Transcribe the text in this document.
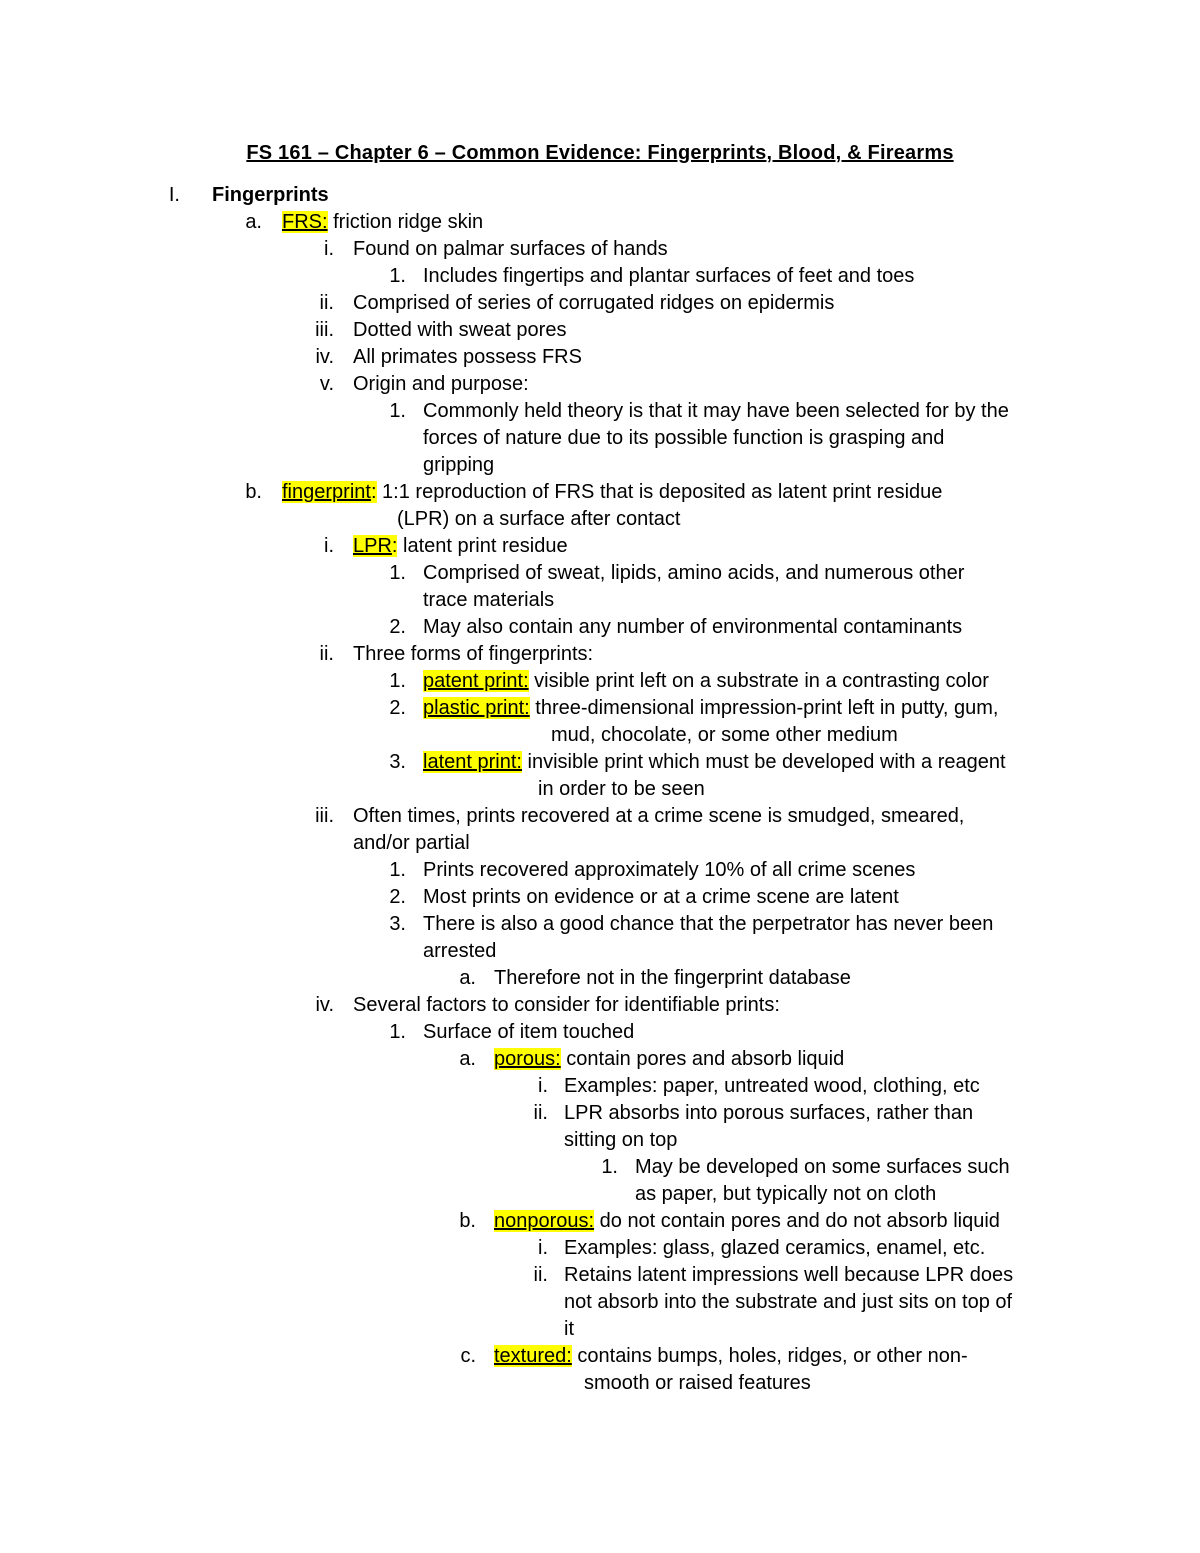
FS 161 – Chapter 6 – Common Evidence: Fingerprints, Blood, & Firearms
I. Fingerprints
a. FRS: friction ridge skin
i. Found on palmar surfaces of hands
1. Includes fingertips and plantar surfaces of feet and toes
ii. Comprised of series of corrugated ridges on epidermis
iii. Dotted with sweat pores
iv. All primates possess FRS
v. Origin and purpose:
1. Commonly held theory is that it may have been selected for by the
forces of nature due to its possible function is grasping and
gripping
b. fingerprint: 1:1 reproduction of FRS that is deposited as latent print residue
(LPR) on a surface after contact
i. LPR: latent print residue
1. Comprised of sweat, lipids, amino acids, and numerous other
trace materials
2. May also contain any number of environmental contaminants
ii. Three forms of fingerprints:
1. patent print: visible print left on a substrate in a contrasting color
2. plastic print: three-dimensional impression-print left in putty, gum,
mud, chocolate, or some other medium
3. latent print: invisible print which must be developed with a reagent
in order to be seen
iii. Often times, prints recovered at a crime scene is smudged, smeared,
and/or partial
1. Prints recovered approximately 10% of all crime scenes
2. Most prints on evidence or at a crime scene are latent
3. There is also a good chance that the perpetrator has never been
arrested
a. Therefore not in the fingerprint database
iv. Several factors to consider for identifiable prints:
1. Surface of item touched
a. porous: contain pores and absorb liquid
i. Examples: paper, untreated wood, clothing, etc
ii. LPR absorbs into porous surfaces, rather than
sitting on top
1. May be developed on some surfaces such
as paper, but typically not on cloth
b. nonporous: do not contain pores and do not absorb liquid
i. Examples: glass, glazed ceramics, enamel, etc.
ii. Retains latent impressions well because LPR does
not absorb into the substrate and just sits on top of
it
c. textured: contains bumps, holes, ridges, or other non-
smooth or raised features
